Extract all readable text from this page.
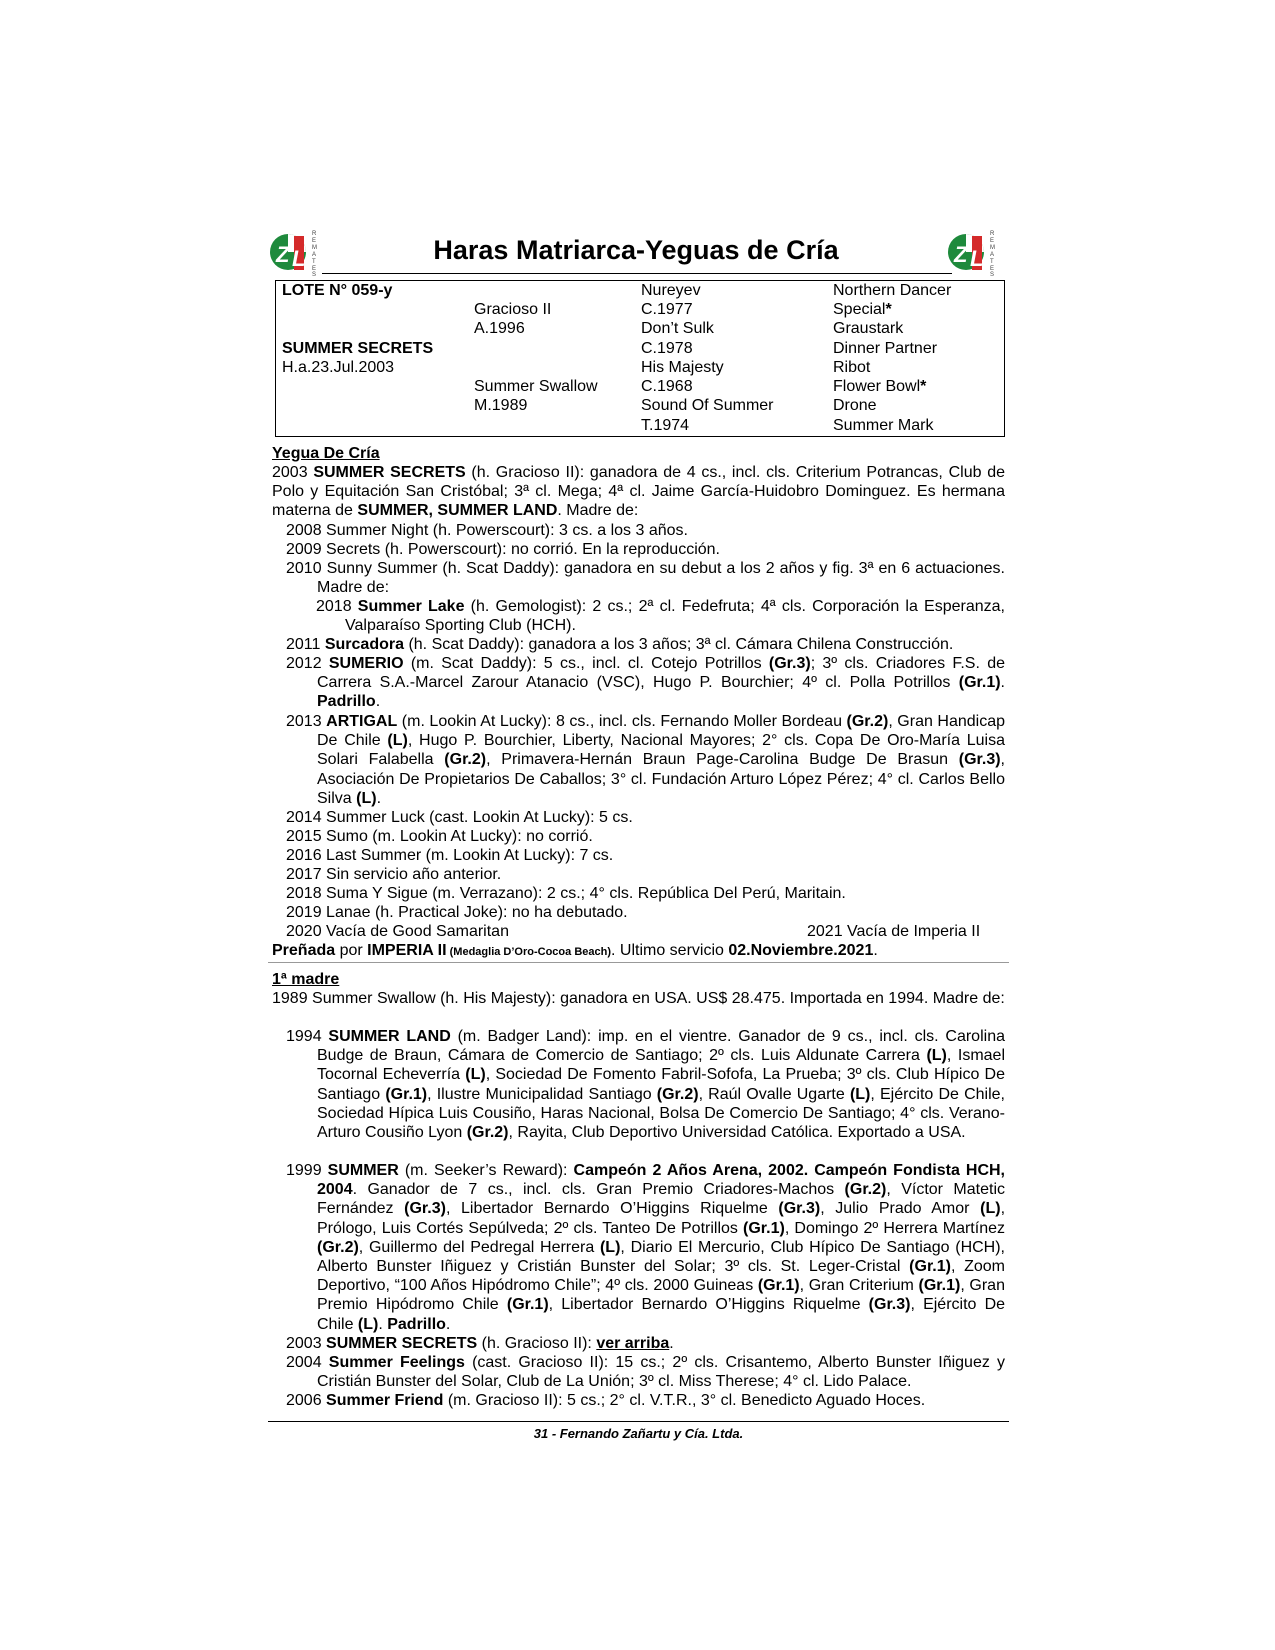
Z L
R E M A T E S
Z L
R E M A T E S
Haras Matriarca-Yeguas de Cría
LOTE N° 059-y
SUMMER SECRETS
H.a.23.Jul.2003
Gracioso II
A.1996
Summer Swallow
M.1989
Nureyev
C.1977
Don’t Sulk
C.1978
His Majesty
C.1968
Sound Of Summer
T.1974
Northern Dancer
Special*
Graustark
Dinner Partner
Ribot
Flower Bowl*
Drone
Summer Mark
Yegua De Cría
2003 SUMMER SECRETS (h. Gracioso II): ganadora de 4 cs., incl. cls. Criterium Potrancas, Club de Polo y Equitación San Cristóbal; 3ª cl. Mega; 4ª cl. Jaime García-Huidobro Dominguez. Es hermana materna de SUMMER, SUMMER LAND. Madre de:
2008 Summer Night (h. Powerscourt): 3 cs. a los 3 años.
2009 Secrets (h. Powerscourt): no corrió. En la reproducción.
2010 Sunny Summer (h. Scat Daddy): ganadora en su debut a los 2 años y fig. 3ª en 6 actuaciones. Madre de:
2018 Summer Lake (h. Gemologist): 2 cs.; 2ª cl. Fedefruta; 4ª cls. Corporación la Esperanza, Valparaíso Sporting Club (HCH).
2011 Surcadora (h. Scat Daddy): ganadora a los 3 años; 3ª cl. Cámara Chilena Construcción.
2012 SUMERIO (m. Scat Daddy): 5 cs., incl. cl. Cotejo Potrillos (Gr.3); 3º cls. Criadores F.S. de Carrera S.A.-Marcel Zarour Atanacio (VSC), Hugo P. Bourchier; 4º cl. Polla Potrillos (Gr.1). Padrillo.
2013 ARTIGAL (m. Lookin At Lucky): 8 cs., incl. cls. Fernando Moller Bordeau (Gr.2), Gran Handicap De Chile (L), Hugo P. Bourchier, Liberty, Nacional Mayores; 2° cls. Copa De Oro-María Luisa Solari Falabella (Gr.2), Primavera-Hernán Braun Page-Carolina Budge De Brasun (Gr.3), Asociación De Propietarios De Caballos; 3° cl. Fundación Arturo López Pérez; 4° cl. Carlos Bello Silva (L).
2014 Summer Luck (cast. Lookin At Lucky): 5 cs.
2015 Sumo (m. Lookin At Lucky): no corrió.
2016 Last Summer (m. Lookin At Lucky): 7 cs.
2017 Sin servicio año anterior.
2018 Suma Y Sigue (m. Verrazano): 2 cs.; 4° cls. República Del Perú, Maritain.
2019 Lanae (h. Practical Joke): no ha debutado.
2020 Vacía de Good Samaritan	2021 Vacía de Imperia II
Preñada por IMPERIA II (Medaglia D’Oro-Cocoa Beach). Ultimo servicio 02.Noviembre.2021.
1ª madre
1989 Summer Swallow (h. His Majesty): ganadora en USA. US$ 28.475. Importada en 1994. Madre de:
1994 SUMMER LAND (m. Badger Land): imp. en el vientre. Ganador de 9 cs., incl. cls. Carolina Budge de Braun, Cámara de Comercio de Santiago; 2º cls. Luis Aldunate Carrera (L), Ismael Tocornal Echeverría (L), Sociedad De Fomento Fabril-Sofofa, La Prueba; 3º cls. Club Hípico De Santiago (Gr.1), Ilustre Municipalidad Santiago (Gr.2), Raúl Ovalle Ugarte (L), Ejército De Chile, Sociedad Hípica Luis Cousiño, Haras Nacional, Bolsa De Comercio De Santiago; 4° cls. Verano-Arturo Cousiño Lyon (Gr.2), Rayita, Club Deportivo Universidad Católica. Exportado a USA.
1999 SUMMER (m. Seeker’s Reward): Campeón 2 Años Arena, 2002. Campeón Fondista HCH, 2004. Ganador de 7 cs., incl. cls. Gran Premio Criadores-Machos (Gr.2), Víctor Matetic Fernández (Gr.3), Libertador Bernardo O’Higgins Riquelme (Gr.3), Julio Prado Amor (L), Prólogo, Luis Cortés Sepúlveda; 2º cls. Tanteo De Potrillos (Gr.1), Domingo 2º Herrera Martínez (Gr.2), Guillermo del Pedregal Herrera (L), Diario El Mercurio, Club Hípico De Santiago (HCH), Alberto Bunster Iñiguez y Cristián Bunster del Solar; 3º cls. St. Leger-Cristal (Gr.1), Zoom Deportivo, “100 Años Hipódromo Chile”; 4º cls. 2000 Guineas (Gr.1), Gran Criterium (Gr.1), Gran Premio Hipódromo Chile (Gr.1), Libertador Bernardo O’Higgins Riquelme (Gr.3), Ejército De Chile (L). Padrillo.
2003 SUMMER SECRETS (h. Gracioso II): ver arriba.
2004 Summer Feelings (cast. Gracioso II): 15 cs.; 2º cls. Crisantemo, Alberto Bunster Iñiguez y Cristián Bunster del Solar, Club de La Unión; 3º cl. Miss Therese; 4° cl. Lido Palace.
2006 Summer Friend (m. Gracioso II): 5 cs.; 2° cl. V.T.R., 3° cl. Benedicto Aguado Hoces.
31 - Fernando Zañartu y Cía. Ltda.
